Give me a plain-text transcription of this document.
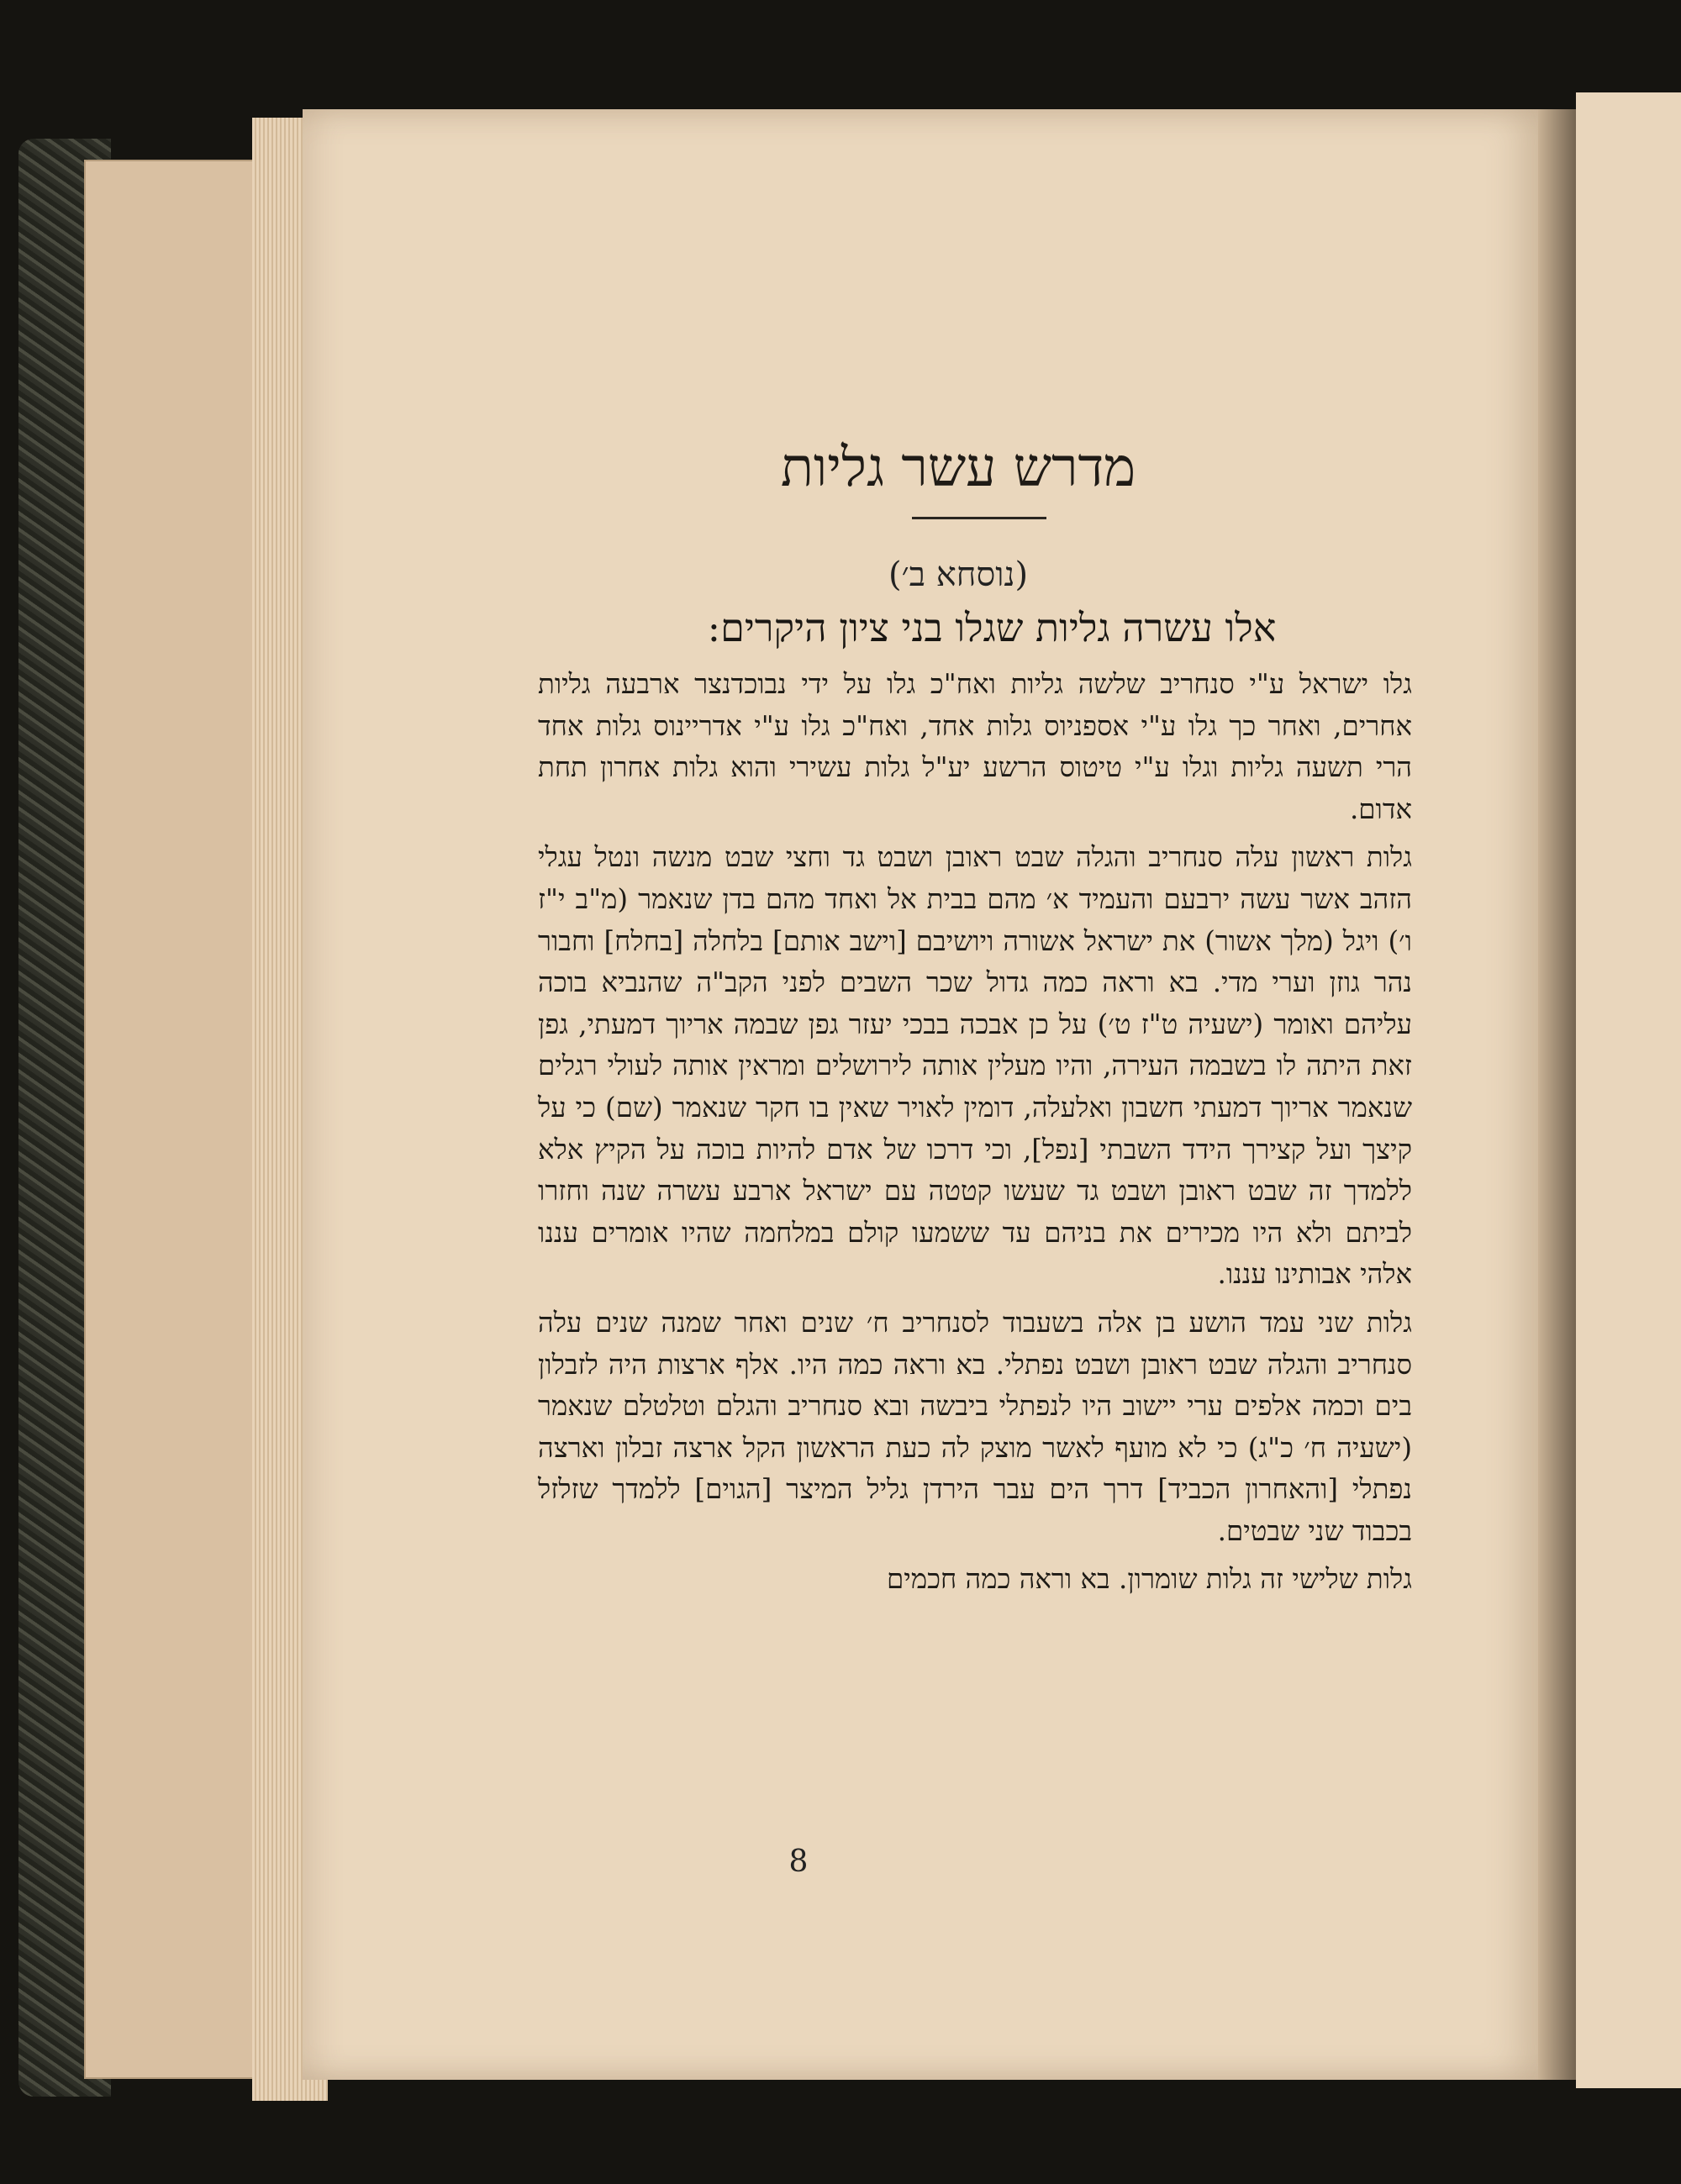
מדרש עשר גליות
(נוסחא ב׳)
אלו עשרה גליות שגלו בני ציון היקרים:

גלו ישראל ע"י סנחריב שלשה גליות ואח"כ גלו על ידי נבוכדנצר ארבעה גליות אחרים, ואחר כך גלו ע"י אספניוס גלות אחד, ואח"כ גלו ע"י אדריינוס גלות אחד הרי תשעה גליות וגלו ע"י טיטוס הרשע יע"ל גלות עשירי והוא גלות אחרון תחת אדום.

גלות ראשון עלה סנחריב והגלה שבט ראובן ושבט גד וחצי שבט מנשה ונטל עגלי הזהב אשר עשה ירבעם והעמיד א׳ מהם בבית אל ואחד מהם בדן שנאמר (מ"ב י"ז ו׳) ויגל (מלך אשור) את ישראל אשורה ויושיבם [וישב אותם] בלחלה [בחלח] וחבור נהר גוזן וערי מדי. בא וראה כמה גדול שכר השבים לפני הקב"ה שהנביא בוכה עליהם ואומר (ישעיה ט"ז ט׳) על כן אבכה בבכי יעזר גפן שבמה אריוך דמעתי, גפן זאת היתה לו בשבמה העירה, והיו מעלין אותה לירושלים ומראין אותה לעולי רגלים שנאמר אריוך דמעתי חשבון ואלעלה, דומין לאויר שאין בו חקר שנאמר (שם) כי על קיצך ועל קצירך הידד השבתי [נפל], וכי דרכו של אדם להיות בוכה על הקיץ אלא ללמדך זה שבט ראובן ושבט גד שעשו קטטה עם ישראל ארבע עשרה שנה וחזרו לביתם ולא היו מכירים את בניהם עד ששמעו קולם במלחמה שהיו אומרים עננו אלהי אבותינו עננו.

גלות שני עמד הושע בן אלה בשעבוד לסנחריב ח׳ שנים ואחר שמנה שנים עלה סנחריב והגלה שבט ראובן ושבט נפתלי. בא וראה כמה היו. אלף ארצות היה לזבלון בים וכמה אלפים ערי יישוב היו לנפתלי ביבשה ובא סנחריב והגלם וטלטלם שנאמר (ישעיה ח׳ כ"ג) כי לא מועף לאשר מוצק לה כעת הראשון הקל ארצה זבלון וארצה נפתלי [והאחרון הכביד] דרך הים עבר הירדן גליל המיצר [הגוים] ללמדך שזלזל בכבוד שני שבטים.

גלות שלישי זה גלות שומרון. בא וראה כמה חכמים

8
